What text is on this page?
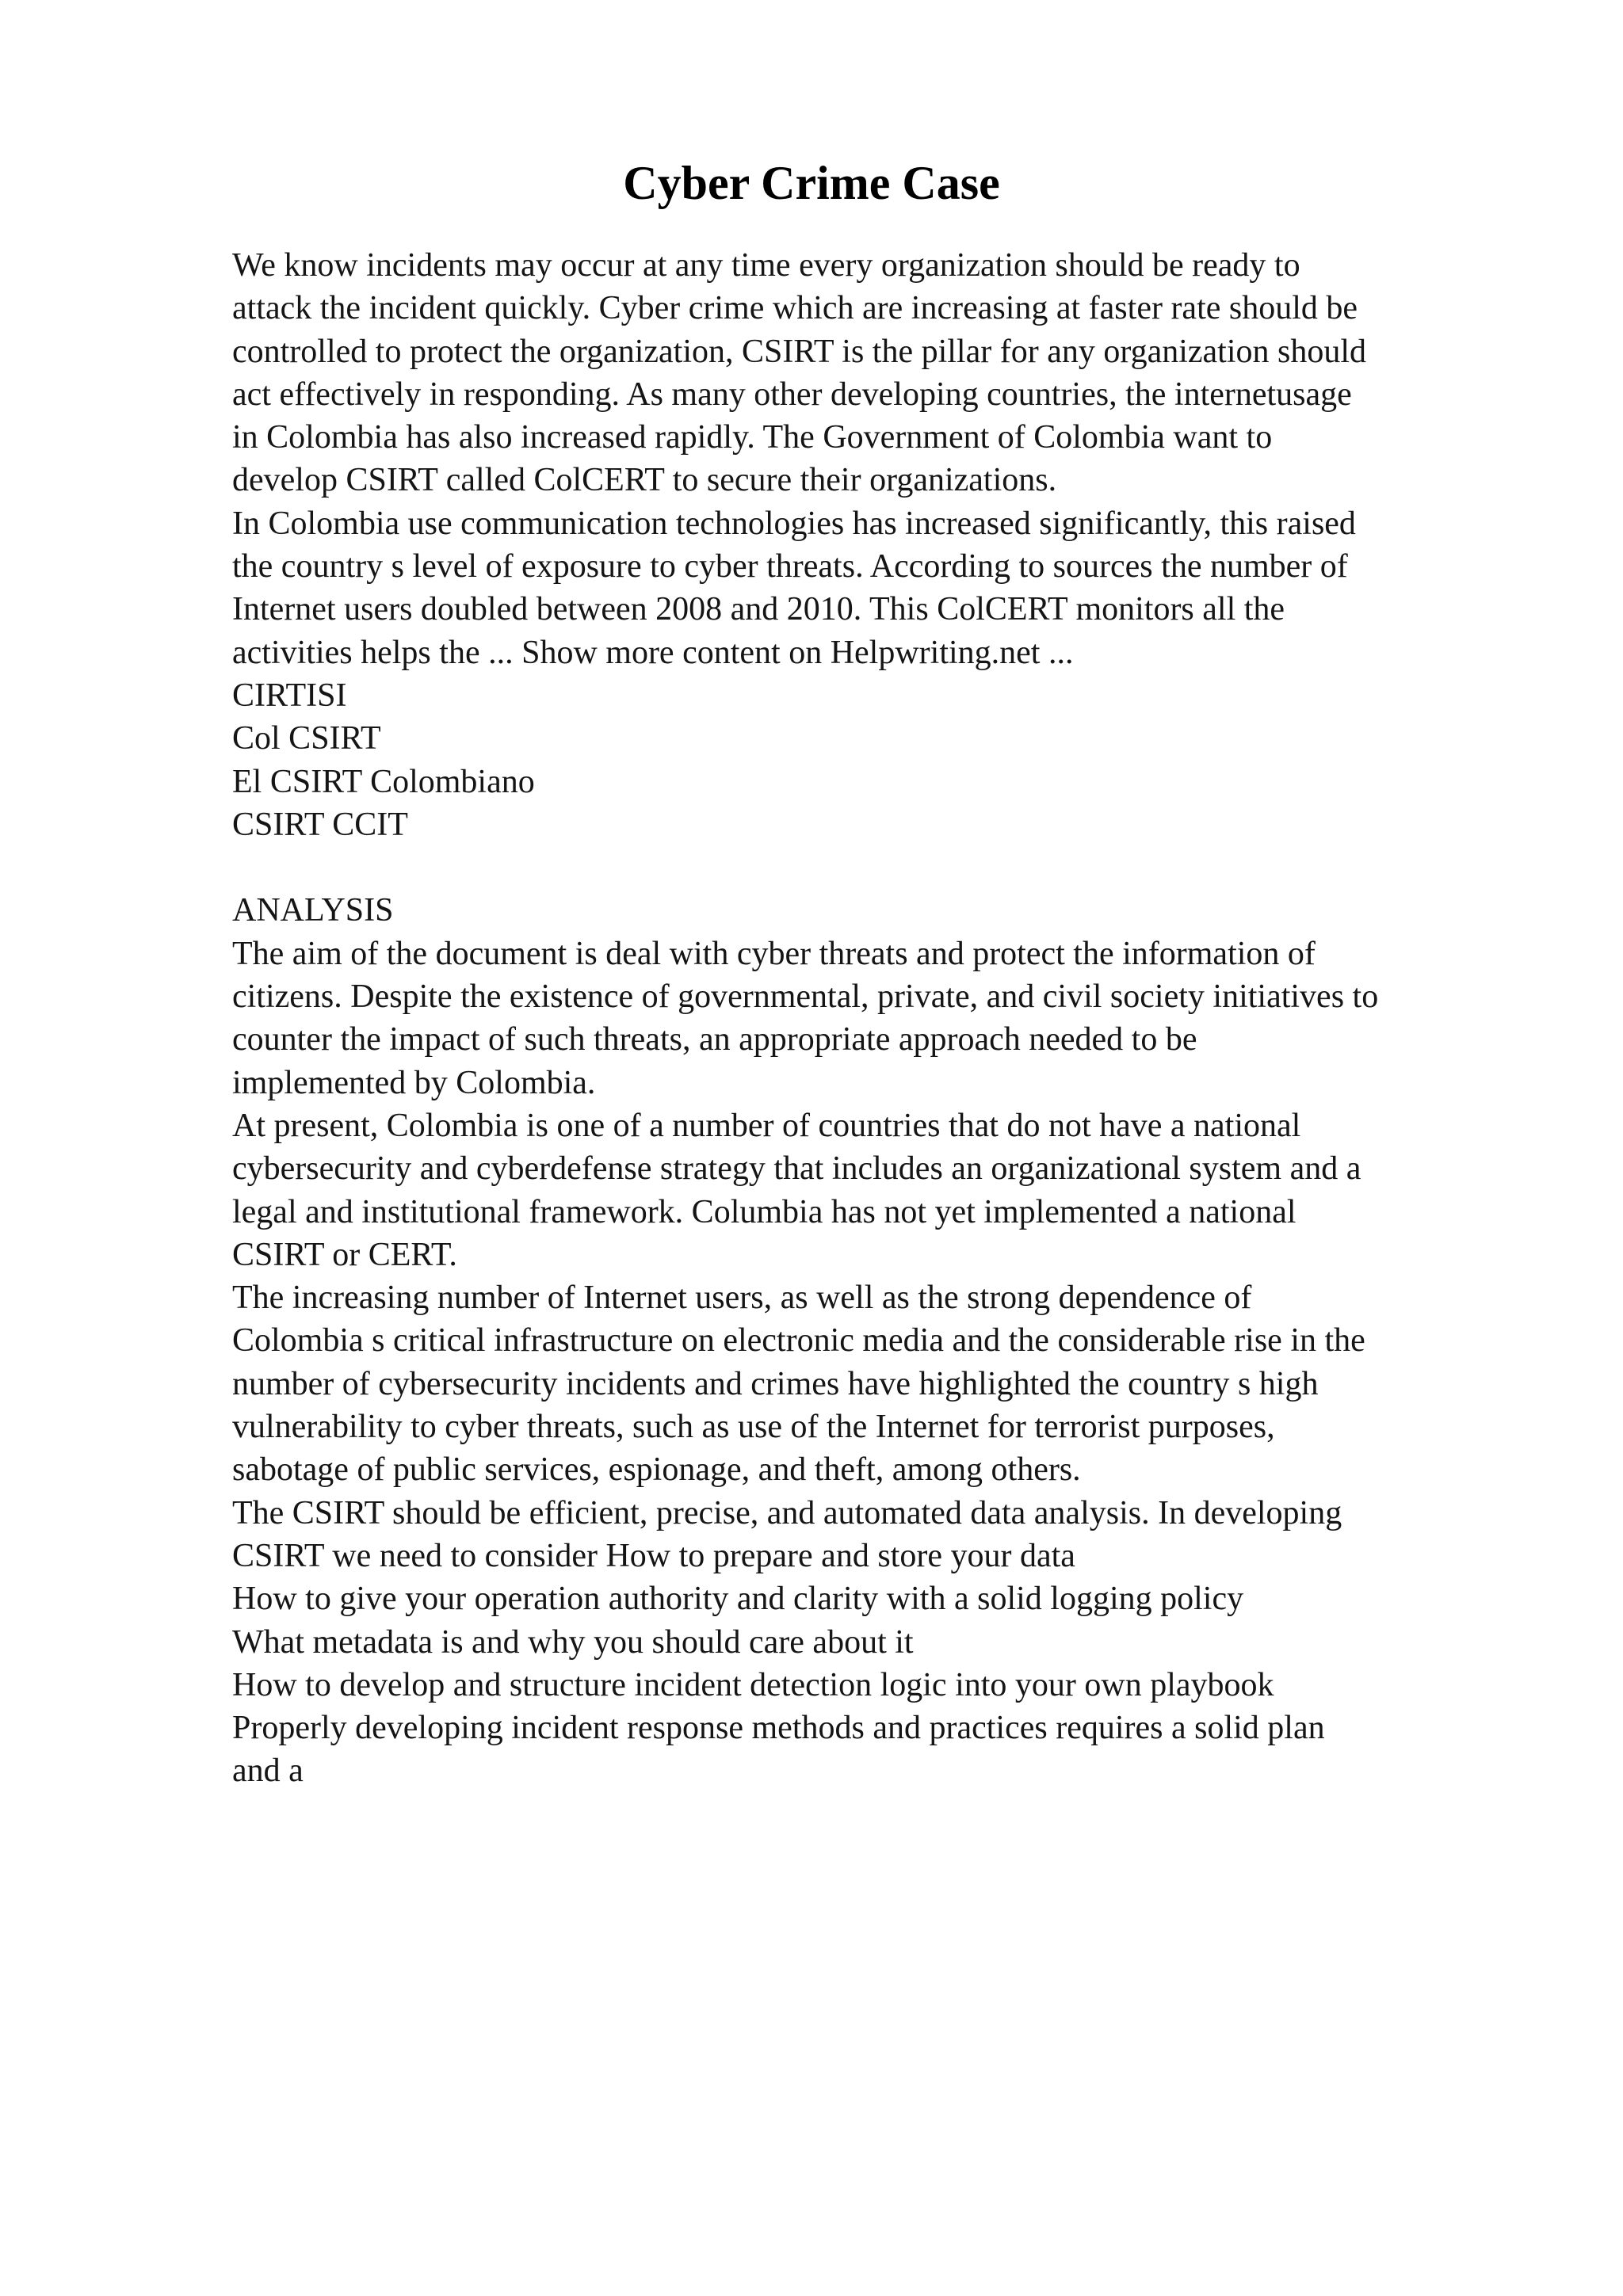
Cyber Crime Case
We know incidents may occur at any time every organization should be ready to
attack the incident quickly. Cyber crime which are increasing at faster rate should be
controlled to protect the organization, CSIRT is the pillar for any organization should
act effectively in responding. As many other developing countries, the internetusage
in Colombia has also increased rapidly. The Government of Colombia want to
develop CSIRT called ColCERT to secure their organizations.
In Colombia use communication technologies has increased significantly, this raised
the country s level of exposure to cyber threats. According to sources the number of
Internet users doubled between 2008 and 2010. This ColCERT monitors all the
activities helps the ... Show more content on Helpwriting.net ...
CIRTISI
Col CSIRT
El CSIRT Colombiano
CSIRT CCIT
ANALYSIS
The aim of the document is deal with cyber threats and protect the information of
citizens. Despite the existence of governmental, private, and civil society initiatives to
counter the impact of such threats, an appropriate approach needed to be
implemented by Colombia.
At present, Colombia is one of a number of countries that do not have a national
cybersecurity and cyberdefense strategy that includes an organizational system and a
legal and institutional framework. Columbia has not yet implemented a national
CSIRT or CERT.
The increasing number of Internet users, as well as the strong dependence of
Colombia s critical infrastructure on electronic media and the considerable rise in the
number of cybersecurity incidents and crimes have highlighted the country s high
vulnerability to cyber threats, such as use of the Internet for terrorist purposes,
sabotage of public services, espionage, and theft, among others.
The CSIRT should be efficient, precise, and automated data analysis. In developing
CSIRT we need to consider How to prepare and store your data
How to give your operation authority and clarity with a solid logging policy
What metadata is and why you should care about it
How to develop and structure incident detection logic into your own playbook
Properly developing incident response methods and practices requires a solid plan
and a
